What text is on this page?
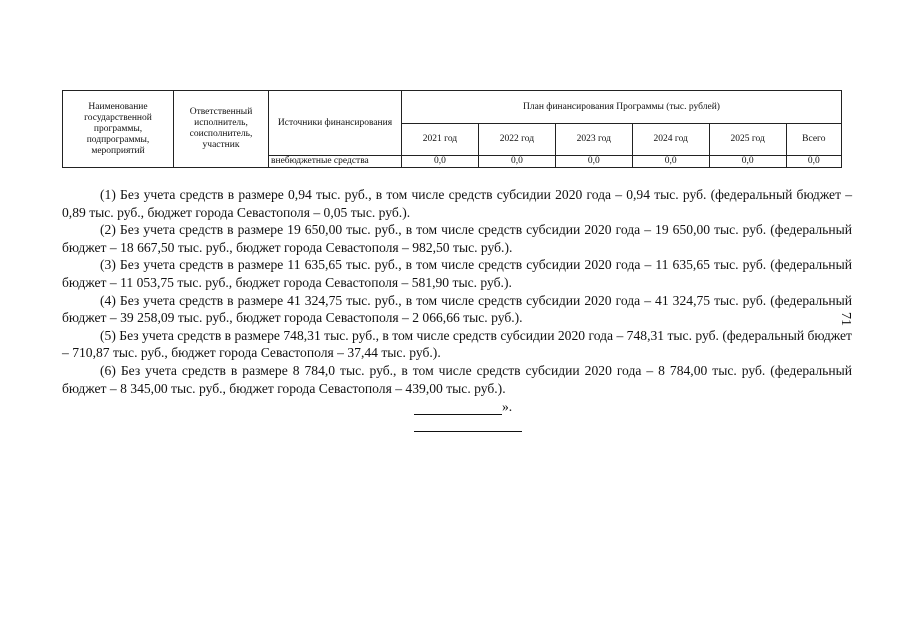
Наименование государственной программы, подпрограммы, мероприятий	Ответственный исполнитель, соисполнитель, участник	Источники финансирования	План финансирования Программы (тыс. рублей)					
			2021 год	2022 год	2023 год	2024 год	2025 год	Всего
		внебюджетные средства	0,0	0,0	0,0	0,0	0,0	0,0

(1) Без учета средств в размере 0,94 тыс. руб., в том числе средств субсидии 2020 года – 0,94 тыс. руб. (федеральный бюджет – 0,89 тыс. руб., бюджет города Севастополя – 0,05 тыс. руб.).

(2) Без учета средств в размере 19 650,00 тыс. руб., в том числе средств субсидии 2020 года – 19 650,00 тыс. руб. (федеральный бюджет – 18 667,50 тыс. руб., бюджет города Севастополя – 982,50 тыс. руб.).

(3) Без учета средств в размере 11 635,65 тыс. руб., в том числе средств субсидии 2020 года – 11 635,65 тыс. руб. (федеральный бюджет – 11 053,75 тыс. руб., бюджет города Севастополя – 581,90 тыс. руб.).

(4) Без учета средств в размере 41 324,75 тыс. руб., в том числе средств субсидии 2020 года – 41 324,75 тыс. руб. (федеральный бюджет – 39 258,09 тыс. руб., бюджет города Севастополя – 2 066,66 тыс. руб.).

(5) Без учета средств в размере 748,31 тыс. руб., в том числе средств субсидии 2020 года – 748,31 тыс. руб. (федеральный бюджет – 710,87 тыс. руб., бюджет города Севастополя – 37,44 тыс. руб.).

(6) Без учета средств в размере 8 784,0 тыс. руб., в том числе средств субсидии 2020 года – 8 784,00 тыс. руб. (федеральный бюджет – 8 345,00 тыс. руб., бюджет города Севастополя – 439,00 тыс. руб.).

».
71
